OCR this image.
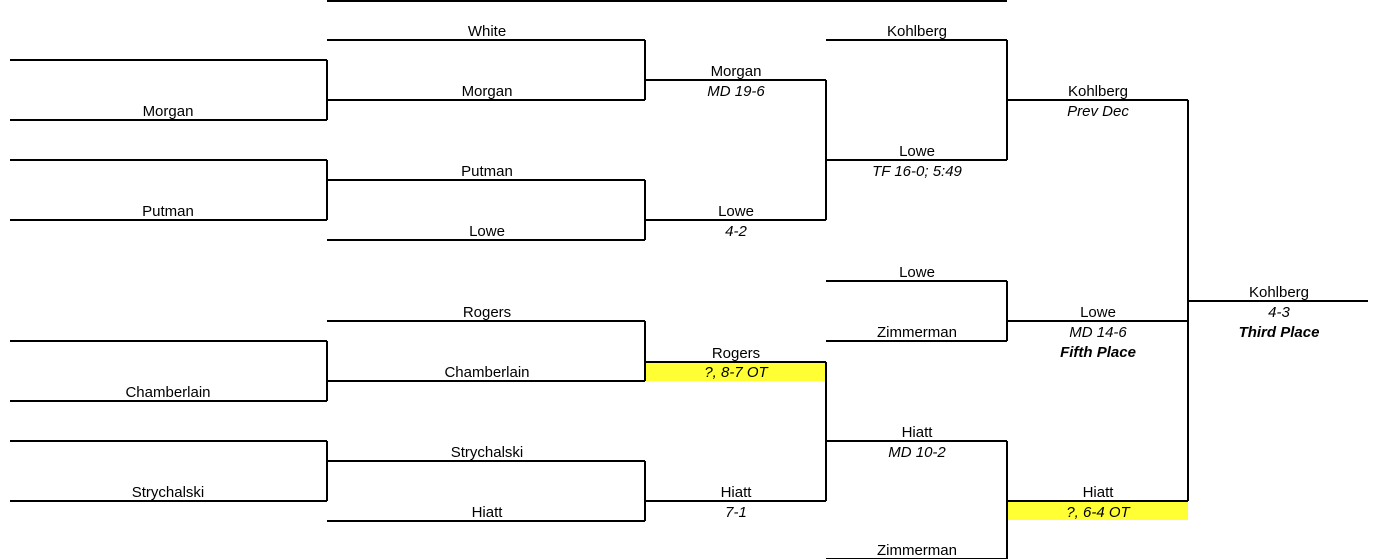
Morgan
Putman
Chamberlain
Strychalski
White
Morgan
Putman
Lowe
Rogers
Chamberlain
Strychalski
Hiatt
Morgan
MD 19-6
Lowe
4-2
Rogers
?, 8-7 OT
Hiatt
7-1
Kohlberg
Lowe
TF 16-0; 5:49
Lowe
Zimmerman
Hiatt
MD 10-2
Zimmerman
Kohlberg
Prev Dec
Lowe
MD 14-6
Fifth Place
Hiatt
?, 6-4 OT
Kohlberg
4-3
Third Place
